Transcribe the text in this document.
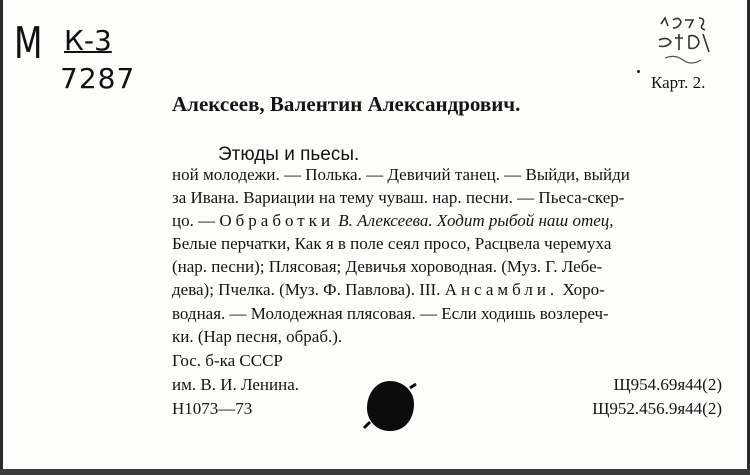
M К-3
7287	Карт. 2.
Алексеев, Валентин Александрович.
Этюды и пьесы.
ной молодежи. — Полька. — Девичий танец. — Выйди, выйди
за Ивана. Вариации на тему чуваш. нар. песни. — Пьеса-скер-
цо. — Обработки В. Алексеева. Ходит рыбой наш отец,
Белые перчатки, Как я в поле сеял просо, Расцвела черемуха
(нар. песни); Плясовая; Девичья хороводная. (Муз. Г. Лебе-
дева); Пчелка. (Муз. Ф. Павлова). III. Ансамбли. Хоро-
водная. — Молодежная плясовая. — Если ходишь возлереч-
ки. (Нар песня, обраб.).
Гос. б-ка СССР
им. В. И. Ленина.
Н1073—73
Щ954.69я44(2)
Щ952.456.9я44(2)
